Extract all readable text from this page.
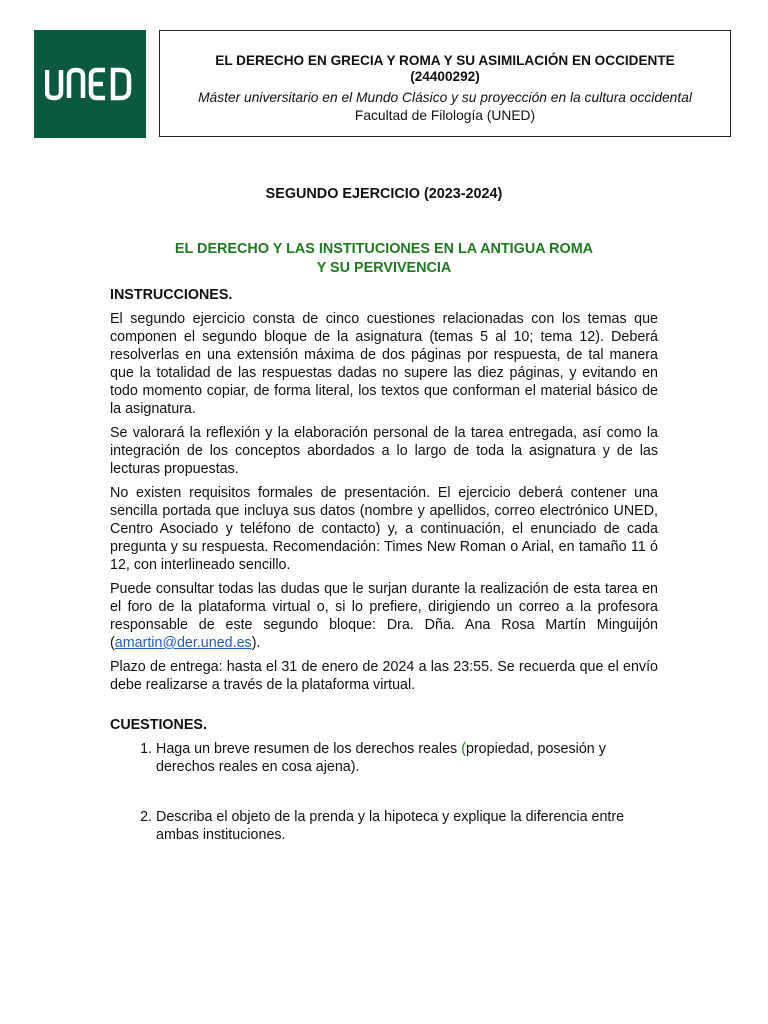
EL DERECHO EN GRECIA Y ROMA Y SU ASIMILACIÓN EN OCCIDENTE
(24400292)
Máster universitario en el Mundo Clásico y su proyección en la cultura occidental
Facultad de Filología (UNED)
SEGUNDO EJERCICIO (2023-2024)
EL DERECHO Y LAS INSTITUCIONES EN LA ANTIGUA ROMA
Y SU PERVIVENCIA
INSTRUCCIONES.

El segundo ejercicio consta de cinco cuestiones relacionadas con los temas que componen el segundo bloque de la asignatura (temas 5 al 10; tema 12). Deberá resolverlas en una extensión máxima de dos páginas por respuesta, de tal manera que la totalidad de las respuestas dadas no supere las diez páginas, y evitando en todo momento copiar, de forma literal, los textos que conforman el material básico de la asignatura.

Se valorará la reflexión y la elaboración personal de la tarea entregada, así como la integración de los conceptos abordados a lo largo de toda la asignatura y de las lecturas propuestas.

No existen requisitos formales de presentación. El ejercicio deberá contener una sencilla portada que incluya sus datos (nombre y apellidos, correo electrónico UNED, Centro Asociado y teléfono de contacto) y, a continuación, el enunciado de cada pregunta y su respuesta. Recomendación: Times New Roman o Arial, en tamaño 11 ó 12, con interlineado sencillo.

Puede consultar todas las dudas que le surjan durante la realización de esta tarea en el foro de la plataforma virtual o, si lo prefiere, dirigiendo un correo a la profesora responsable de este segundo bloque: Dra. Dña. Ana Rosa Martín Minguijón (amartin@der.uned.es).

Plazo de entrega: hasta el 31 de enero de 2024 a las 23:55. Se recuerda que el envío debe realizarse a través de la plataforma virtual.

CUESTIONES.
1. Haga un breve resumen de los derechos reales (propiedad, posesión y derechos reales en cosa ajena).
2. Describa el objeto de la prenda y la hipoteca y explique la diferencia entre ambas instituciones.
